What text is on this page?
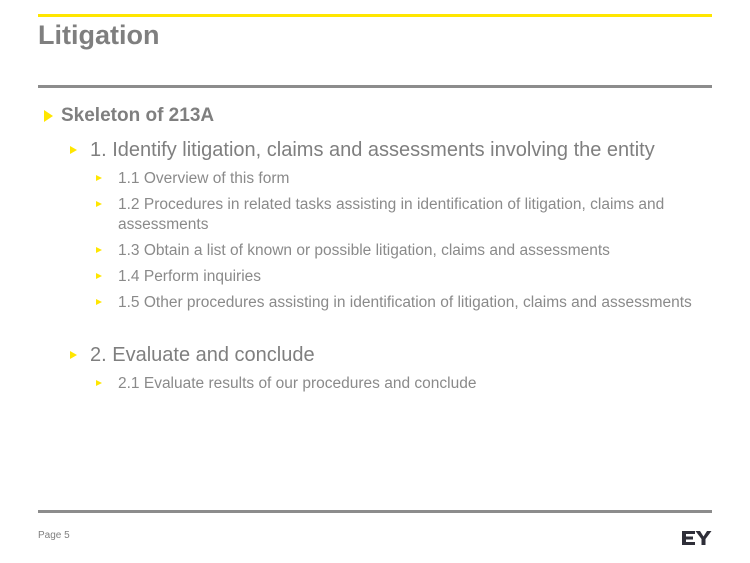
Litigation
Skeleton of 213A
1. Identify litigation, claims and assessments involving the entity
1.1 Overview of this form
1.2 Procedures in related tasks assisting in identification of litigation, claims and assessments
1.3 Obtain a list of known or possible litigation, claims and assessments
1.4 Perform inquiries
1.5 Other procedures assisting in identification of litigation, claims and assessments
2. Evaluate and conclude
2.1 Evaluate results of our procedures and conclude
Page 5
